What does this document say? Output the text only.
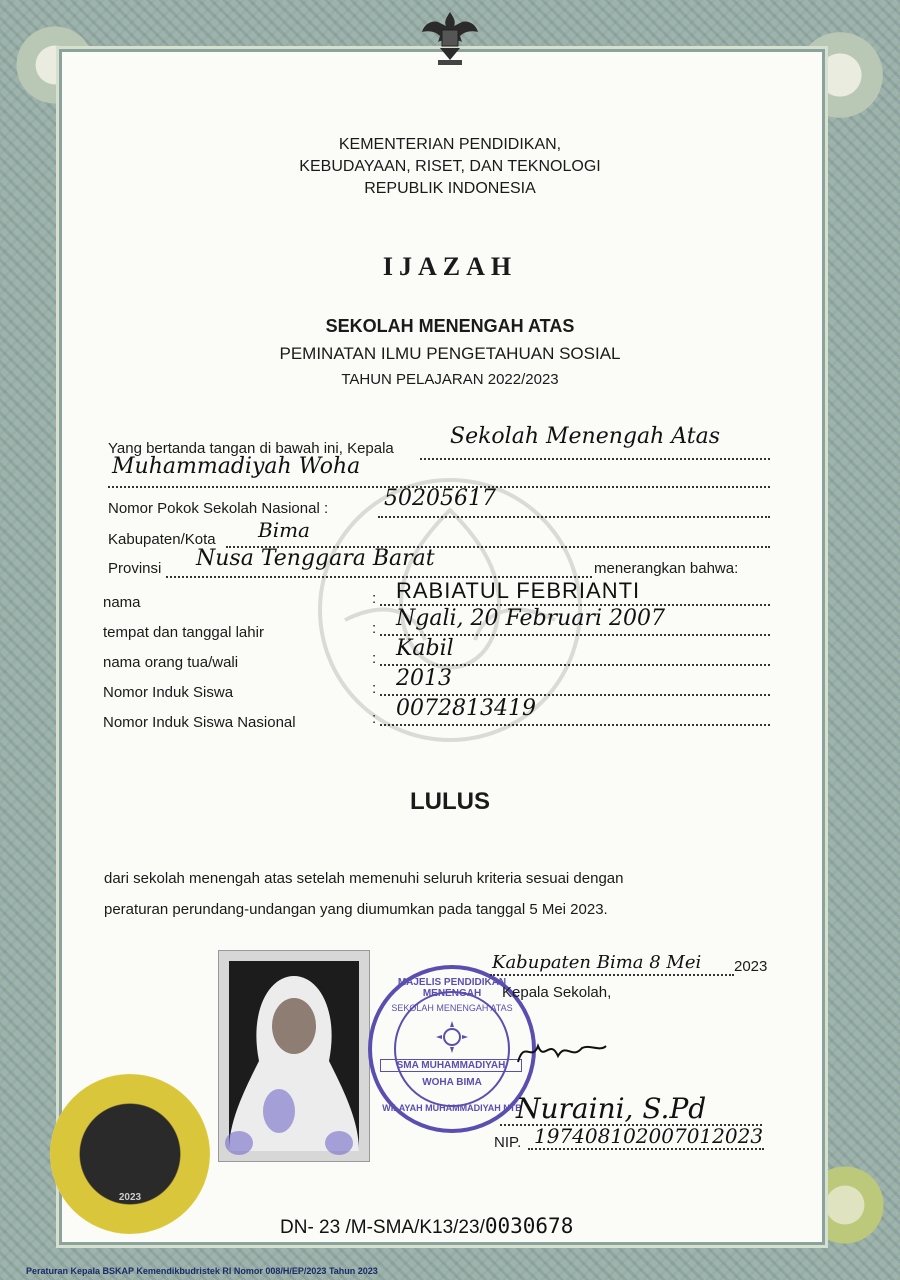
KEMENTERIAN PENDIDIKAN,
KEBUDAYAAN, RISET, DAN TEKNOLOGI
REPUBLIK INDONESIA
IJAZAH
SEKOLAH MENENGAH ATAS
PEMINATAN ILMU PENGETAHUAN SOSIAL
TAHUN PELAJARAN 2022/2023
Yang bertanda tangan di bawah ini, Kepala	Sekolah Menengah Atas
Muhammadiyah Woha
Nomor Pokok Sekolah Nasional :	50205617
Kabupaten/Kota Bima
Provinsi Nusa Tenggara Barat	menerangkan bahwa:
nama	: RABIATUL FEBRIANTI
tempat dan tanggal lahir	: Ngali, 20 Februari 2007
nama orang tua/wali	: Kabil
Nomor Induk Siswa	: 2013
Nomor Induk Siswa Nasional	: 0072813419
LULUS
dari sekolah menengah atas setelah memenuhi seluruh kriteria sesuai dengan
peraturan perundang-undangan yang diumumkan pada tanggal 5 Mei 2023.
MAJELIS PENDIDIKAN MENENGAH
SEKOLAH MENENGAH ATAS
SMA MUHAMMADIYAH
WOHA BIMA
WILAYAH MUHAMMADIYAH NTB
Kabupaten Bima 8 Mei 2023
Kepala Sekolah,
Nuraini, S.Pd
NIP. 197408102007012023
2023
DN- 23 /M-SMA/K13/23/0030678
Peraturan Kepala BSKAP Kemendikbudristek RI Nomor 008/H/EP/2023 Tahun 2023
